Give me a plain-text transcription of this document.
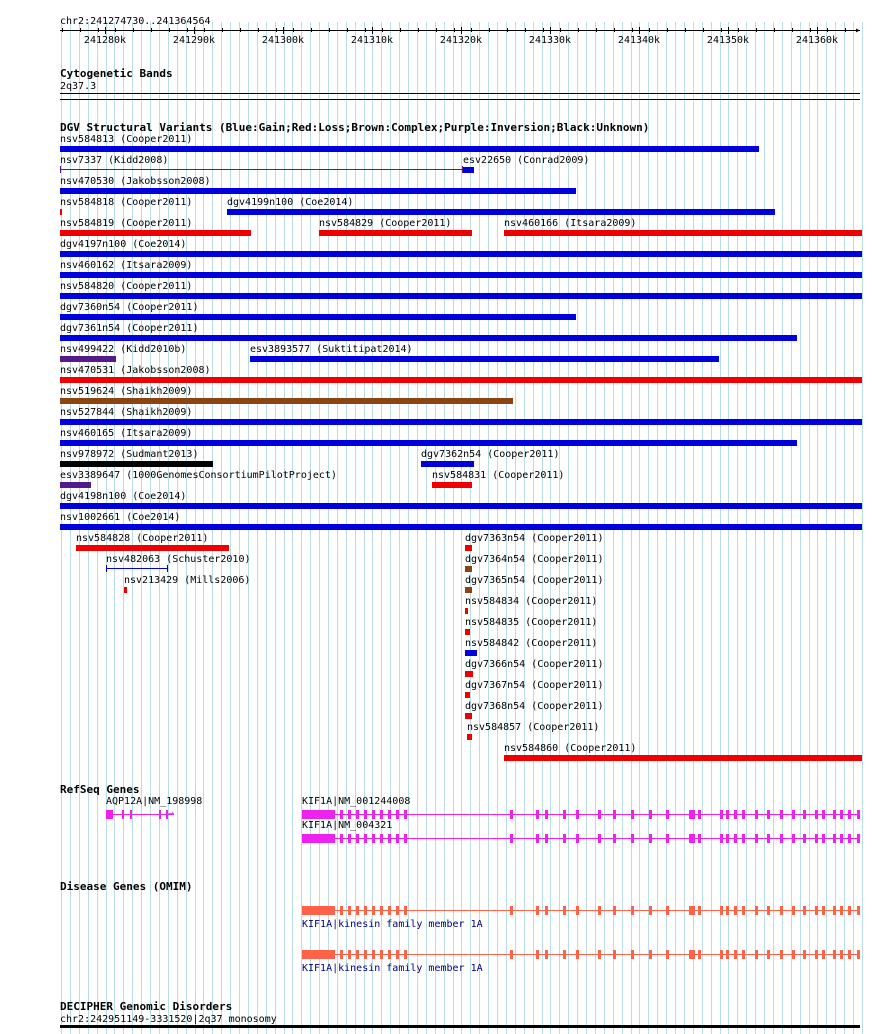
chr2:241274730..241364564
▸
241280k	241290k	241300k	241310k	241320k	241330k	241340k	241350k	241360k
Cytogenetic Bands
2q37.3
DGV Structural Variants (Blue:Gain;Red:Loss;Brown:Complex;Purple:Inversion;Black:Unknown)
nsv584813 (Cooper2011)
nsv7337 (Kidd2008)	esv22650 (Conrad2009)
nsv470530 (Jakobsson2008)
nsv584818 (Cooper2011)	dgv4199n100 (Coe2014)
nsv584819 (Cooper2011)	nsv584829 (Cooper2011)	nsv460166 (Itsara2009)
dgv4197n100 (Coe2014)
nsv460162 (Itsara2009)
nsv584820 (Cooper2011)
dgv7360n54 (Cooper2011)
dgv7361n54 (Cooper2011)
nsv499422 (Kidd2010b)	esv3893577 (Suktitipat2014)
nsv470531 (Jakobsson2008)
nsv519624 (Shaikh2009)
nsv527844 (Shaikh2009)
nsv460165 (Itsara2009)
nsv978972 (Sudmant2013)	dgv7362n54 (Cooper2011)
esv3389647 (1000GenomesConsortiumPilotProject)	nsv584831 (Cooper2011)
dgv4198n100 (Coe2014)
nsv1002661 (Coe2014)
nsv584828 (Cooper2011)
nsv482063 (Schuster2010)
nsv213429 (Mills2006)
dgv7363n54 (Cooper2011)
dgv7364n54 (Cooper2011)
dgv7365n54 (Cooper2011)
nsv584834 (Cooper2011)
nsv584835 (Cooper2011)
nsv584842 (Cooper2011)
dgv7366n54 (Cooper2011)
dgv7367n54 (Cooper2011)
dgv7368n54 (Cooper2011)
nsv584857 (Cooper2011)
nsv584860 (Cooper2011)
RefSeq Genes
AQP12A|NM_198998	KIF1A|NM_001244008
KIF1A|NM_004321
→
Disease Genes (OMIM)
KIF1A|kinesin family member 1A
KIF1A|kinesin family member 1A
DECIPHER Genomic Disorders
chr2:242951149-3331520|2q37 monosomy
